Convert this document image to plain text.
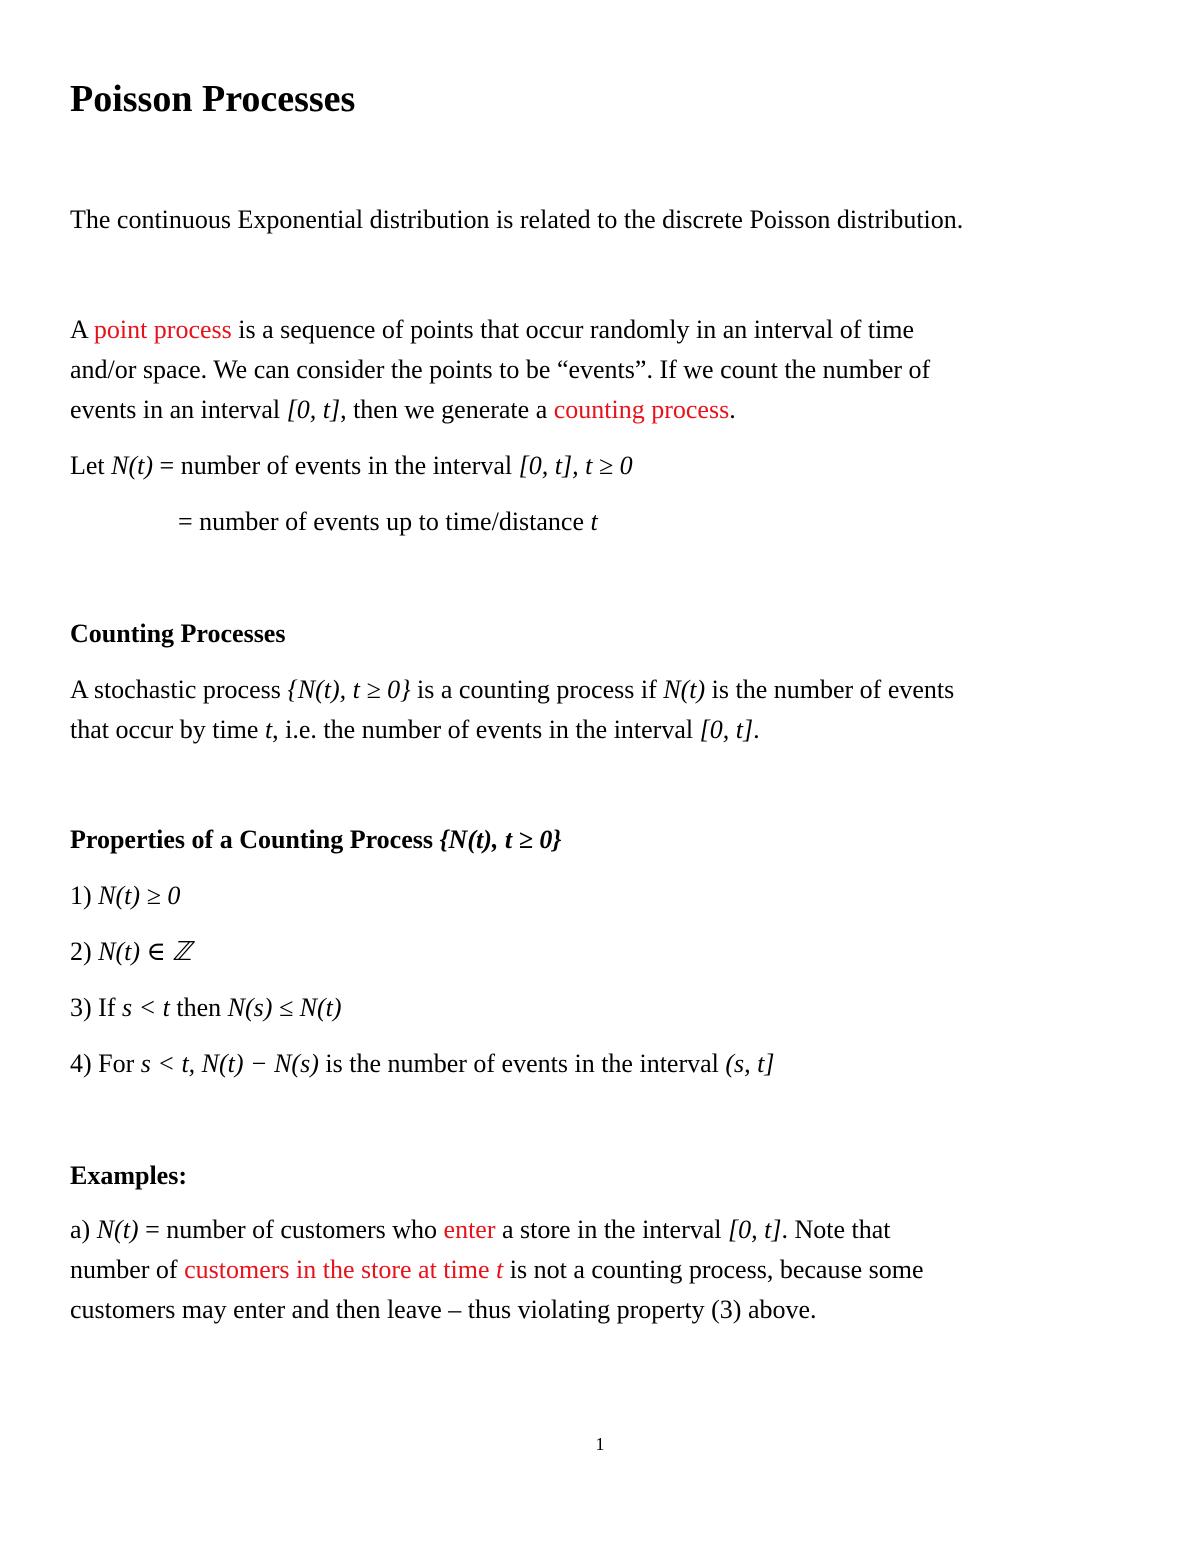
Poisson Processes
The continuous Exponential distribution is related to the discrete Poisson distribution.
A point process is a sequence of points that occur randomly in an interval of time
and/or space. We can consider the points to be “events”. If we count the number of
events in an interval [0, t], then we generate a counting process.
Let N(t) = number of events in the interval [0, t], t ≥ 0
= number of events up to time/distance t
Counting Processes
A stochastic process {N(t), t ≥ 0} is a counting process if N(t) is the number of events
that occur by time t, i.e. the number of events in the interval [0, t].
Properties of a Counting Process {N(t), t ≥ 0}
1) N(t) ≥ 0
2) N(t) ∈ ℤ
3) If s < t then N(s) ≤ N(t)
4) For s < t, N(t) − N(s) is the number of events in the interval (s, t]
Examples:
a) N(t) = number of customers who enter a store in the interval [0, t]. Note that
number of customers in the store at time t is not a counting process, because some
customers may enter and then leave – thus violating property (3) above.
1
